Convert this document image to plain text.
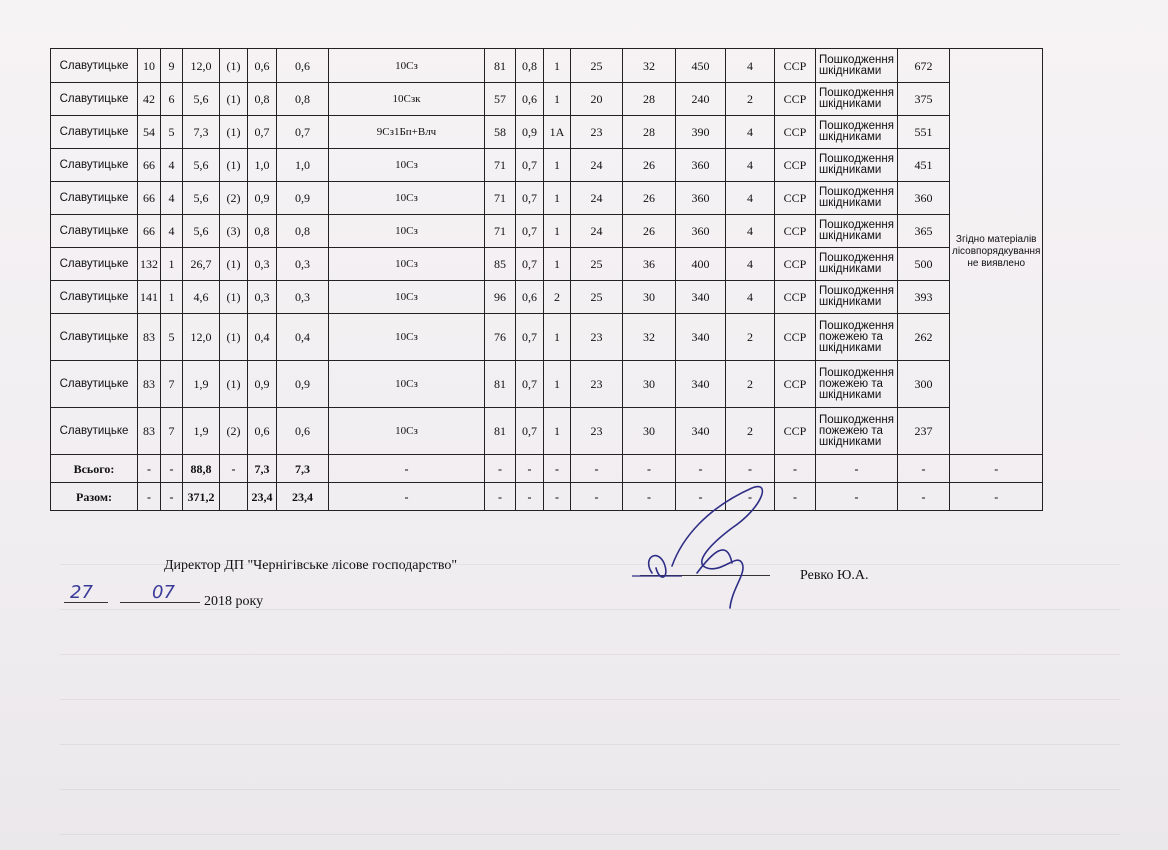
Славутицьке	10	9	12,0	(1)	0,6	0,6	10Сз	81	0,8	1	25	32	450	4	ССР	Пошкодження шкідниками	672	Згідно матеріалів лісовпорядкування не виявлено
Славутицьке	42	6	5,6	(1)	0,8	0,8	10Сзк	57	0,6	1	20	28	240	2	ССР	Пошкодження шкідниками	375	
Славутицьке	54	5	7,3	(1)	0,7	0,7	9Сз1Бп+Влч	58	0,9	1А	23	28	390	4	ССР	Пошкодження шкідниками	551	
Славутицьке	66	4	5,6	(1)	1,0	1,0	10Сз	71	0,7	1	24	26	360	4	ССР	Пошкодження шкідниками	451	
Славутицьке	66	4	5,6	(2)	0,9	0,9	10Сз	71	0,7	1	24	26	360	4	ССР	Пошкодження шкідниками	360	
Славутицьке	66	4	5,6	(3)	0,8	0,8	10Сз	71	0,7	1	24	26	360	4	ССР	Пошкодження шкідниками	365	
Славутицьке	132	1	26,7	(1)	0,3	0,3	10Сз	85	0,7	1	25	36	400	4	ССР	Пошкодження шкідниками	500	
Славутицьке	141	1	4,6	(1)	0,3	0,3	10Сз	96	0,6	2	25	30	340	4	ССР	Пошкодження шкідниками	393	
Славутицьке	83	5	12,0	(1)	0,4	0,4	10Сз	76	0,7	1	23	32	340	2	ССР	Пошкодження пожежею та шкідниками	262	
Славутицьке	83	7	1,9	(1)	0,9	0,9	10Сз	81	0,7	1	23	30	340	2	ССР	Пошкодження пожежею та шкідниками	300	
Славутицьке	83	7	1,9	(2)	0,6	0,6	10Сз	81	0,7	1	23	30	340	2	ССР	Пошкодження пожежею та шкідниками	237	
Всього:	-	-	88,8	-	7,3	7,3	-	-	-	-	-	-	-	-	-	-	-	-
Разом:	-	-	371,2		23,4	23,4	-	-	-	-	-	-	-	-	-	-	-	-
Директор ДП "Чернігівське лісове господарство"
27	07 2018 року
Ревко Ю.А.
